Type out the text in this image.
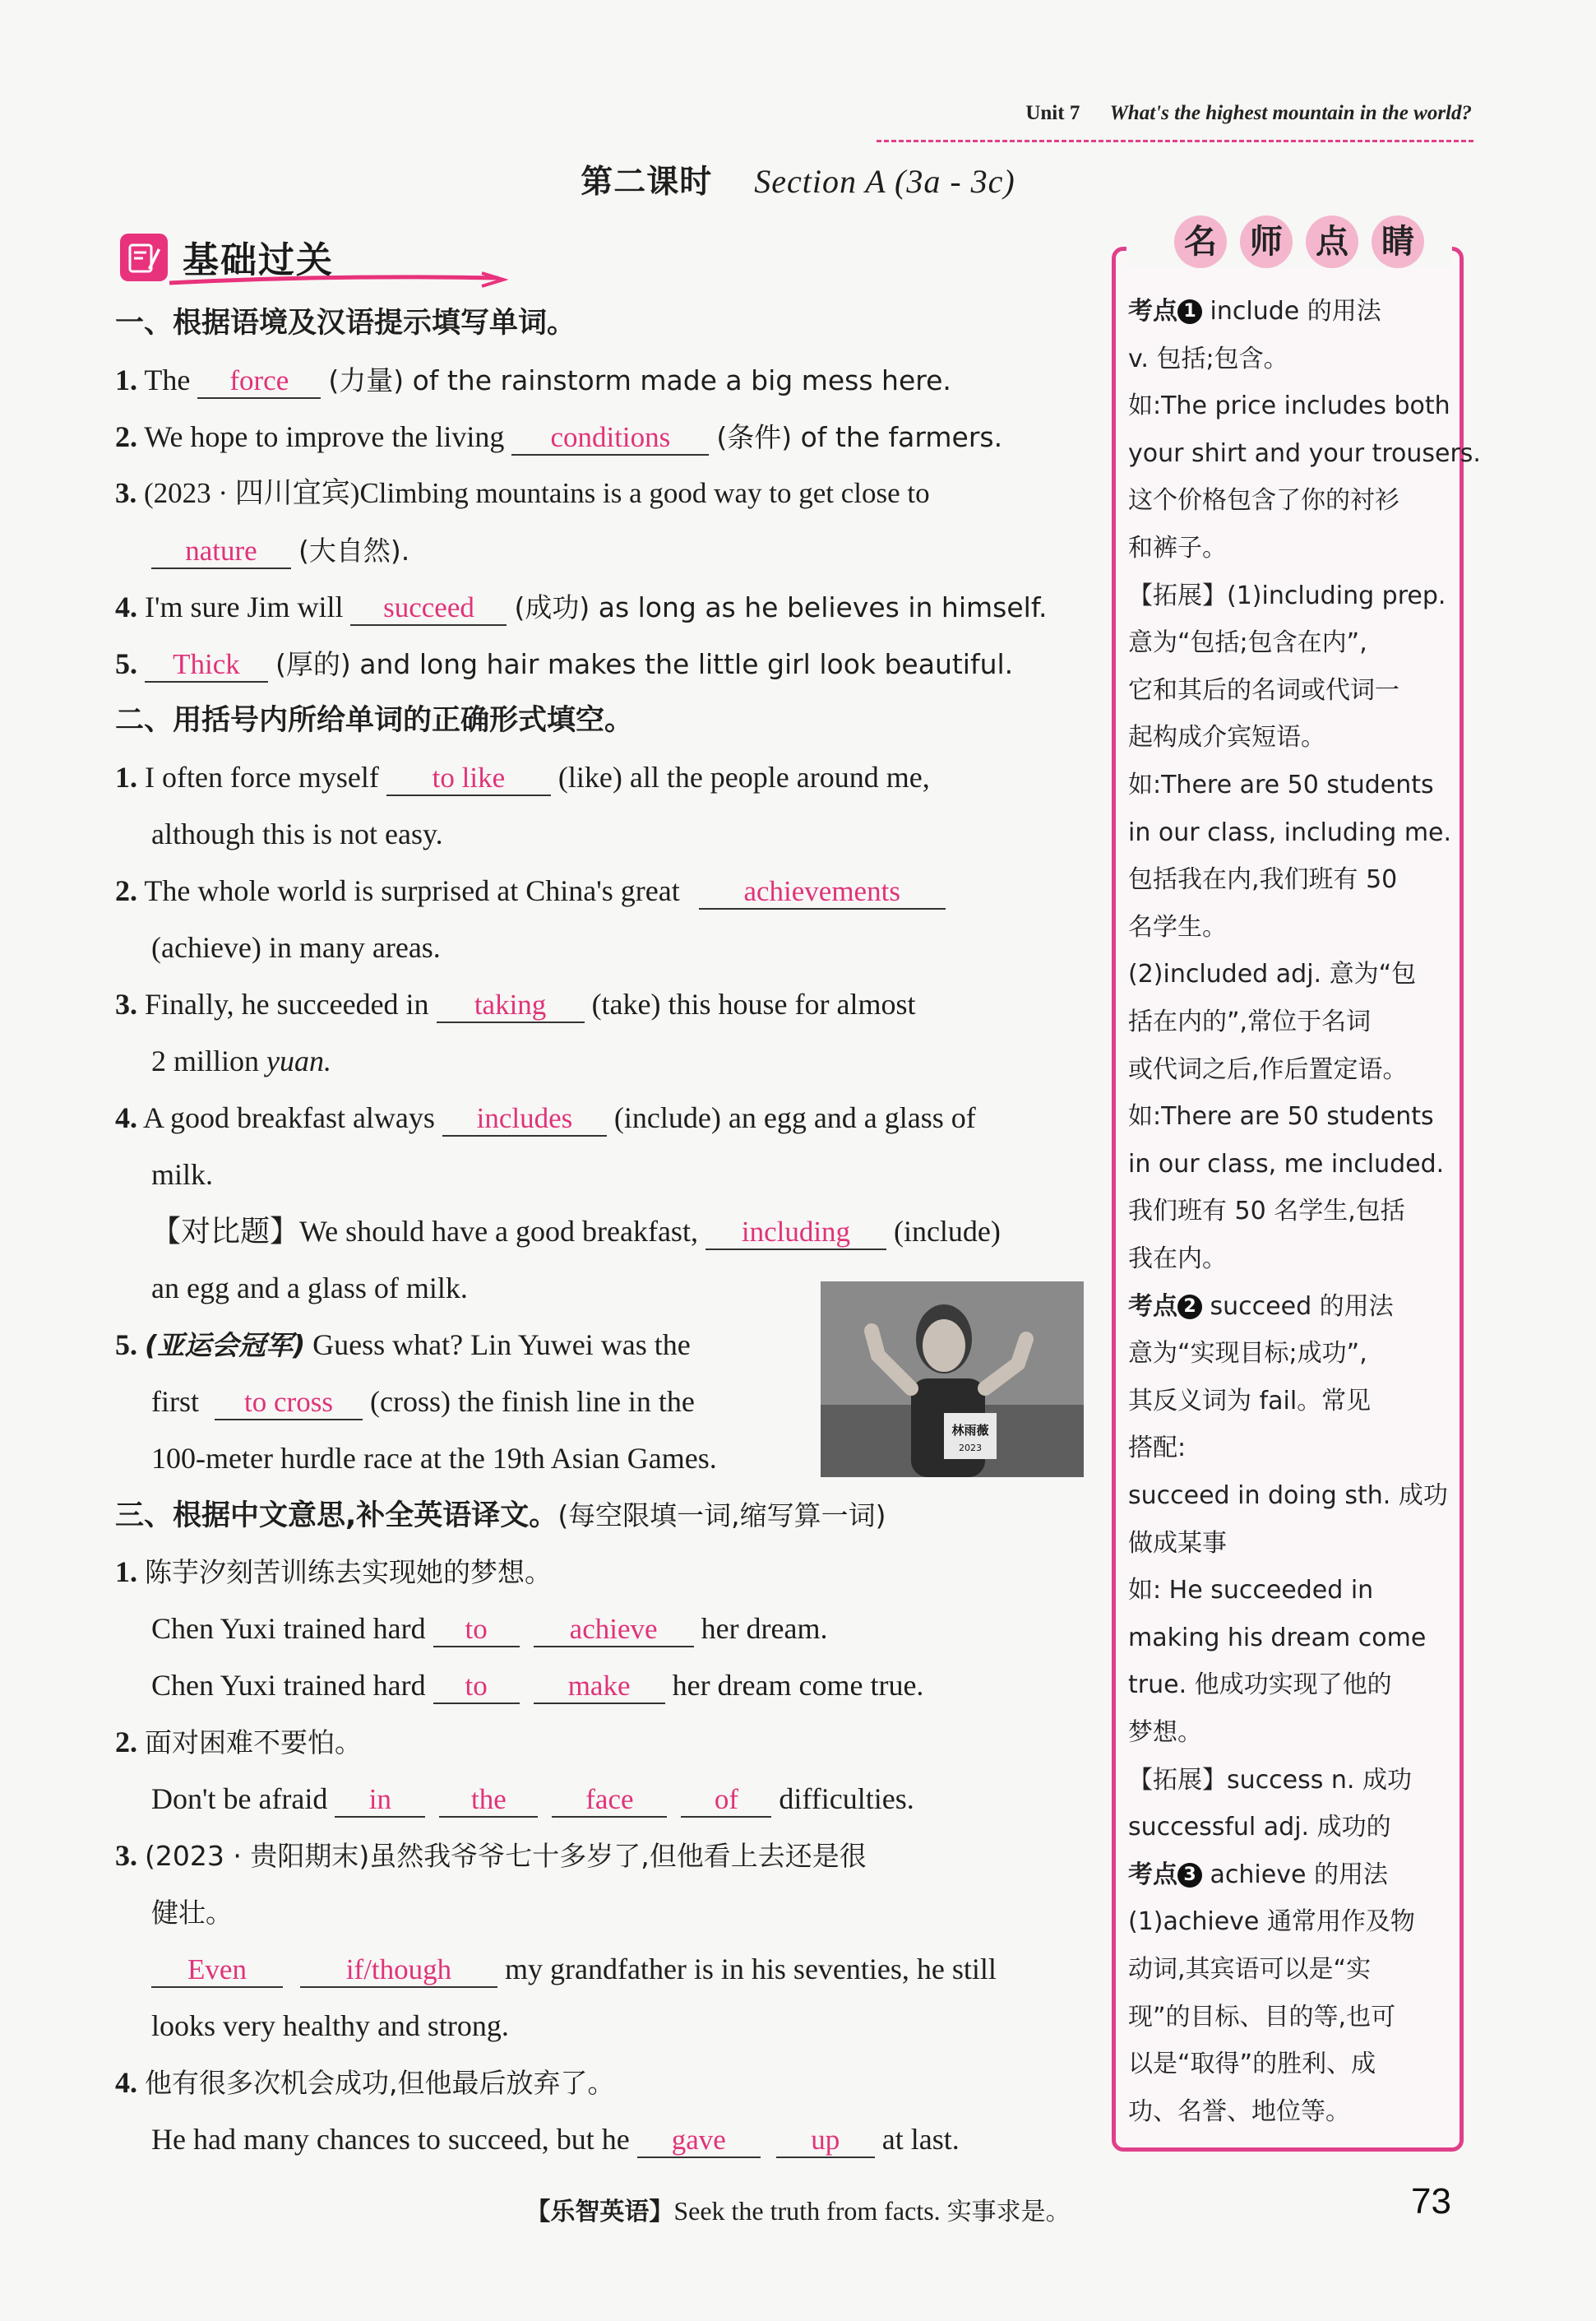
Unit 7 What's the highest mountain in the world?
第二课时 Section A (3a - 3c)
基础过关
一、根据语境及汉语提示填写单词。
1. The force (力量) of the rainstorm made a big mess here.
2. We hope to improve the living conditions (条件) of the farmers.
3. (2023 · 四川宜宾)Climbing mountains is a good way to get close to
nature (大自然).
4. I'm sure Jim will succeed (成功) as long as he believes in himself.
5. Thick (厚的) and long hair makes the little girl look beautiful.
二、用括号内所给单词的正确形式填空。
1. I often force myself to like (like) all the people around me,
although this is not easy.
2. The whole world is surprised at China's great achievements
(achieve) in many areas.
3. Finally, he succeeded in taking (take) this house for almost
2 million yuan.
4. A good breakfast always includes (include) an egg and a glass of
milk.
【对比题】We should have a good breakfast, including (include)
an egg and a glass of milk.
5. (亚运会冠军) Guess what? Lin Yuwei was the
first to cross (cross) the finish line in the
100-meter hurdle race at the 19th Asian Games.
三、根据中文意思,补全英语译文。(每空限填一词,缩写算一词)
1. 陈芋汐刻苦训练去实现她的梦想。
Chen Yuxi trained hard to	achieve her dream.
Chen Yuxi trained hard to	make her dream come true.
2. 面对困难不要怕。
Don't be afraid in	the	face	of difficulties.
3. (2023 · 贵阳期末)虽然我爷爷七十多岁了,但他看上去还是很
健壮。
Even	if/though my grandfather is in his seventies, he still
looks very healthy and strong.
4. 他有很多次机会成功,但他最后放弃了。
He had many chances to succeed, but he gave	up at last.
林雨薇
2023
名	师	点	睛
考点 1 include 的用法
v. 包括;包含。
如:The price includes both
your shirt and your trousers.
这个价格包含了你的衬衫
和裤子。
【拓展】(1)including prep.
意为“包括;包含在内”,
它和其后的名词或代词一
起构成介宾短语。
如:There are 50 students
in our class, including me.
包括我在内,我们班有 50
名学生。
(2)included adj. 意为“包
括在内的”,常位于名词
或代词之后,作后置定语。
如:There are 50 students
in our class, me included.
我们班有 50 名学生,包括
我在内。
考点 2 succeed 的用法
意为“实现目标;成功”,
其反义词为 fail。常见
搭配:
succeed in doing sth. 成功
做成某事
如: He succeeded in
making his dream come
true. 他成功实现了他的
梦想。
【拓展】success n. 成功
successful adj. 成功的
考点 3 achieve 的用法
(1)achieve 通常用作及物
动词,其宾语可以是“实
现”的目标、目的等,也可
以是“取得”的胜利、成
功、名誉、地位等。
【乐智英语】Seek the truth from facts. 实事求是。	73
